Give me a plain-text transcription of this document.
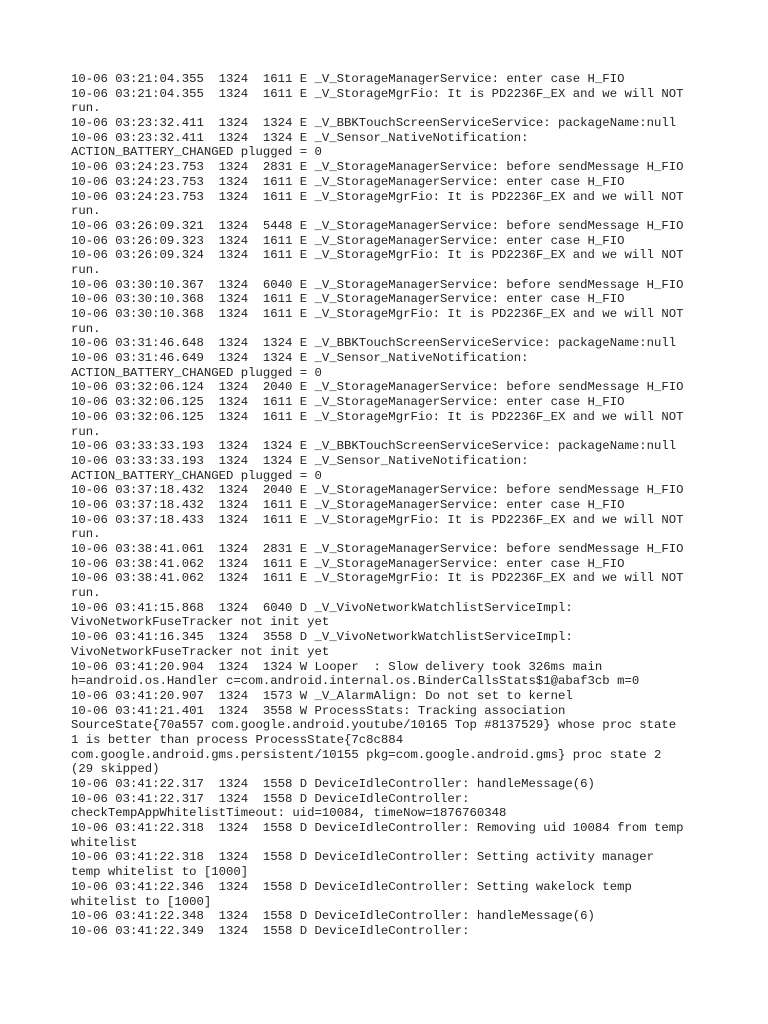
10-06 03:21:04.355  1324  1611 E _V_StorageManagerService: enter case H_FIO
10-06 03:21:04.355  1324  1611 E _V_StorageMgrFio: It is PD2236F_EX and we will NOT
run.
10-06 03:23:32.411  1324  1324 E _V_BBKTouchScreenServiceService: packageName:null
10-06 03:23:32.411  1324  1324 E _V_Sensor_NativeNotification:
ACTION_BATTERY_CHANGED plugged = 0
10-06 03:24:23.753  1324  2831 E _V_StorageManagerService: before sendMessage H_FIO
10-06 03:24:23.753  1324  1611 E _V_StorageManagerService: enter case H_FIO
10-06 03:24:23.753  1324  1611 E _V_StorageMgrFio: It is PD2236F_EX and we will NOT
run.
10-06 03:26:09.321  1324  5448 E _V_StorageManagerService: before sendMessage H_FIO
10-06 03:26:09.323  1324  1611 E _V_StorageManagerService: enter case H_FIO
10-06 03:26:09.324  1324  1611 E _V_StorageMgrFio: It is PD2236F_EX and we will NOT
run.
10-06 03:30:10.367  1324  6040 E _V_StorageManagerService: before sendMessage H_FIO
10-06 03:30:10.368  1324  1611 E _V_StorageManagerService: enter case H_FIO
10-06 03:30:10.368  1324  1611 E _V_StorageMgrFio: It is PD2236F_EX and we will NOT
run.
10-06 03:31:46.648  1324  1324 E _V_BBKTouchScreenServiceService: packageName:null
10-06 03:31:46.649  1324  1324 E _V_Sensor_NativeNotification:
ACTION_BATTERY_CHANGED plugged = 0
10-06 03:32:06.124  1324  2040 E _V_StorageManagerService: before sendMessage H_FIO
10-06 03:32:06.125  1324  1611 E _V_StorageManagerService: enter case H_FIO
10-06 03:32:06.125  1324  1611 E _V_StorageMgrFio: It is PD2236F_EX and we will NOT
run.
10-06 03:33:33.193  1324  1324 E _V_BBKTouchScreenServiceService: packageName:null
10-06 03:33:33.193  1324  1324 E _V_Sensor_NativeNotification:
ACTION_BATTERY_CHANGED plugged = 0
10-06 03:37:18.432  1324  2040 E _V_StorageManagerService: before sendMessage H_FIO
10-06 03:37:18.432  1324  1611 E _V_StorageManagerService: enter case H_FIO
10-06 03:37:18.433  1324  1611 E _V_StorageMgrFio: It is PD2236F_EX and we will NOT
run.
10-06 03:38:41.061  1324  2831 E _V_StorageManagerService: before sendMessage H_FIO
10-06 03:38:41.062  1324  1611 E _V_StorageManagerService: enter case H_FIO
10-06 03:38:41.062  1324  1611 E _V_StorageMgrFio: It is PD2236F_EX and we will NOT
run.
10-06 03:41:15.868  1324  6040 D _V_VivoNetworkWatchlistServiceImpl:
VivoNetworkFuseTracker not init yet
10-06 03:41:16.345  1324  3558 D _V_VivoNetworkWatchlistServiceImpl:
VivoNetworkFuseTracker not init yet
10-06 03:41:20.904  1324  1324 W Looper  : Slow delivery took 326ms main
h=android.os.Handler c=com.android.internal.os.BinderCallsStats$1@abaf3cb m=0
10-06 03:41:20.907  1324  1573 W _V_AlarmAlign: Do not set to kernel
10-06 03:41:21.401  1324  3558 W ProcessStats: Tracking association
SourceState{70a557 com.google.android.youtube/10165 Top #8137529} whose proc state
1 is better than process ProcessState{7c8c884
com.google.android.gms.persistent/10155 pkg=com.google.android.gms} proc state 2
(29 skipped)
10-06 03:41:22.317  1324  1558 D DeviceIdleController: handleMessage(6)
10-06 03:41:22.317  1324  1558 D DeviceIdleController:
checkTempAppWhitelistTimeout: uid=10084, timeNow=1876760348
10-06 03:41:22.318  1324  1558 D DeviceIdleController: Removing uid 10084 from temp
whitelist
10-06 03:41:22.318  1324  1558 D DeviceIdleController: Setting activity manager
temp whitelist to [1000]
10-06 03:41:22.346  1324  1558 D DeviceIdleController: Setting wakelock temp
whitelist to [1000]
10-06 03:41:22.348  1324  1558 D DeviceIdleController: handleMessage(6)
10-06 03:41:22.349  1324  1558 D DeviceIdleController:
